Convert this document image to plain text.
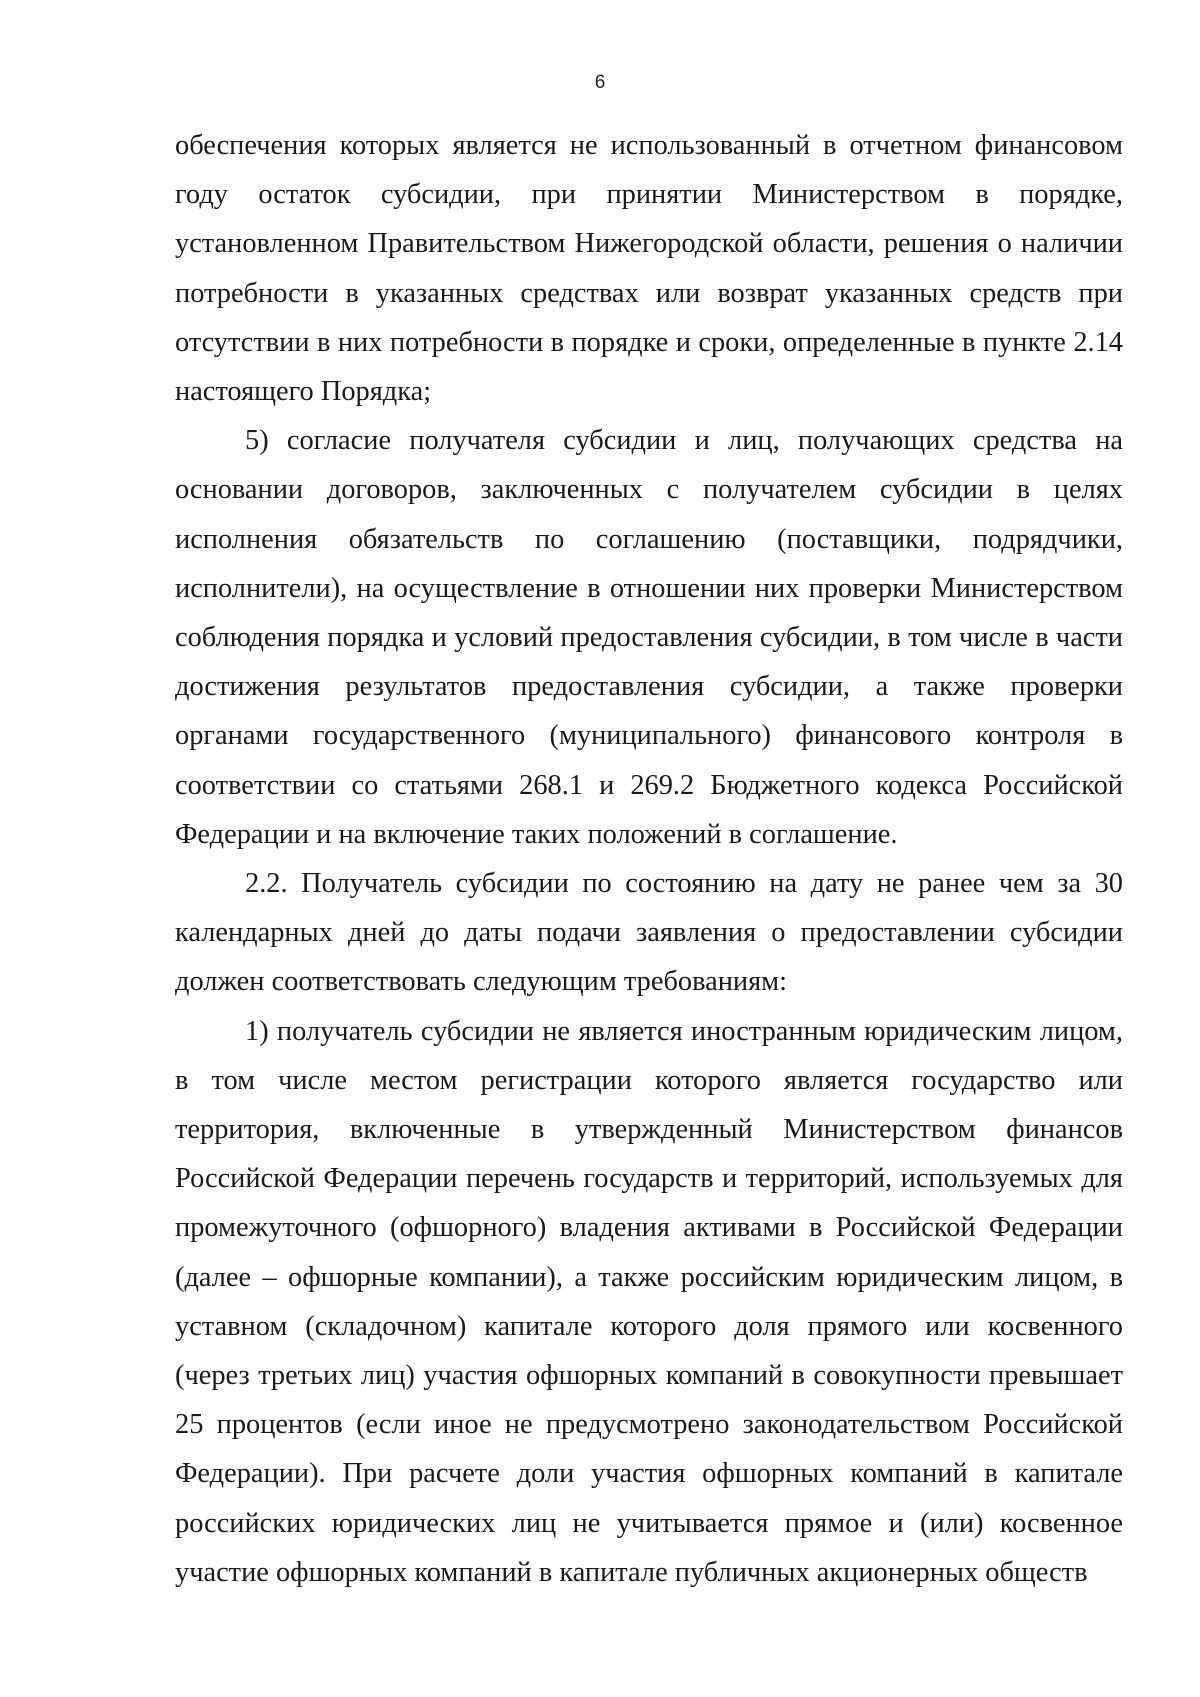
6

обеспечения которых является не использованный в отчетном финансовом году остаток субсидии, при принятии Министерством в порядке, установленном Правительством Нижегородской области, решения о наличии потребности в указанных средствах или возврат указанных средств при отсутствии в них потребности в порядке и сроки, определенные в пункте 2.14 настоящего Порядка;

5) согласие получателя субсидии и лиц, получающих средства на основании договоров, заключенных с получателем субсидии в целях исполнения обязательств по соглашению (поставщики, подрядчики, исполнители), на осуществление в отношении них проверки Министерством соблюдения порядка и условий предоставления субсидии, в том числе в части достижения результатов предоставления субсидии, а также проверки органами государственного (муниципального) финансового контроля в соответствии со статьями 268.1 и 269.2 Бюджетного кодекса Российской Федерации и на включение таких положений в соглашение.

2.2. Получатель субсидии по состоянию на дату не ранее чем за 30 календарных дней до даты подачи заявления о предоставлении субсидии должен соответствовать следующим требованиям:

1) получатель субсидии не является иностранным юридическим лицом, в том числе местом регистрации которого является государство или территория, включенные в утвержденный Министерством финансов Российской Федерации перечень государств и территорий, используемых для промежуточного (офшорного) владения активами в Российской Федерации (далее – офшорные компании), а также российским юридическим лицом, в уставном (складочном) капитале которого доля прямого или косвенного (через третьих лиц) участия офшорных компаний в совокупности превышает 25 процентов (если иное не предусмотрено законодательством Российской Федерации). При расчете доли участия офшорных компаний в капитале российских юридических лиц не учитывается прямое и (или) косвенное участие офшорных компаний в капитале публичных акционерных обществ
